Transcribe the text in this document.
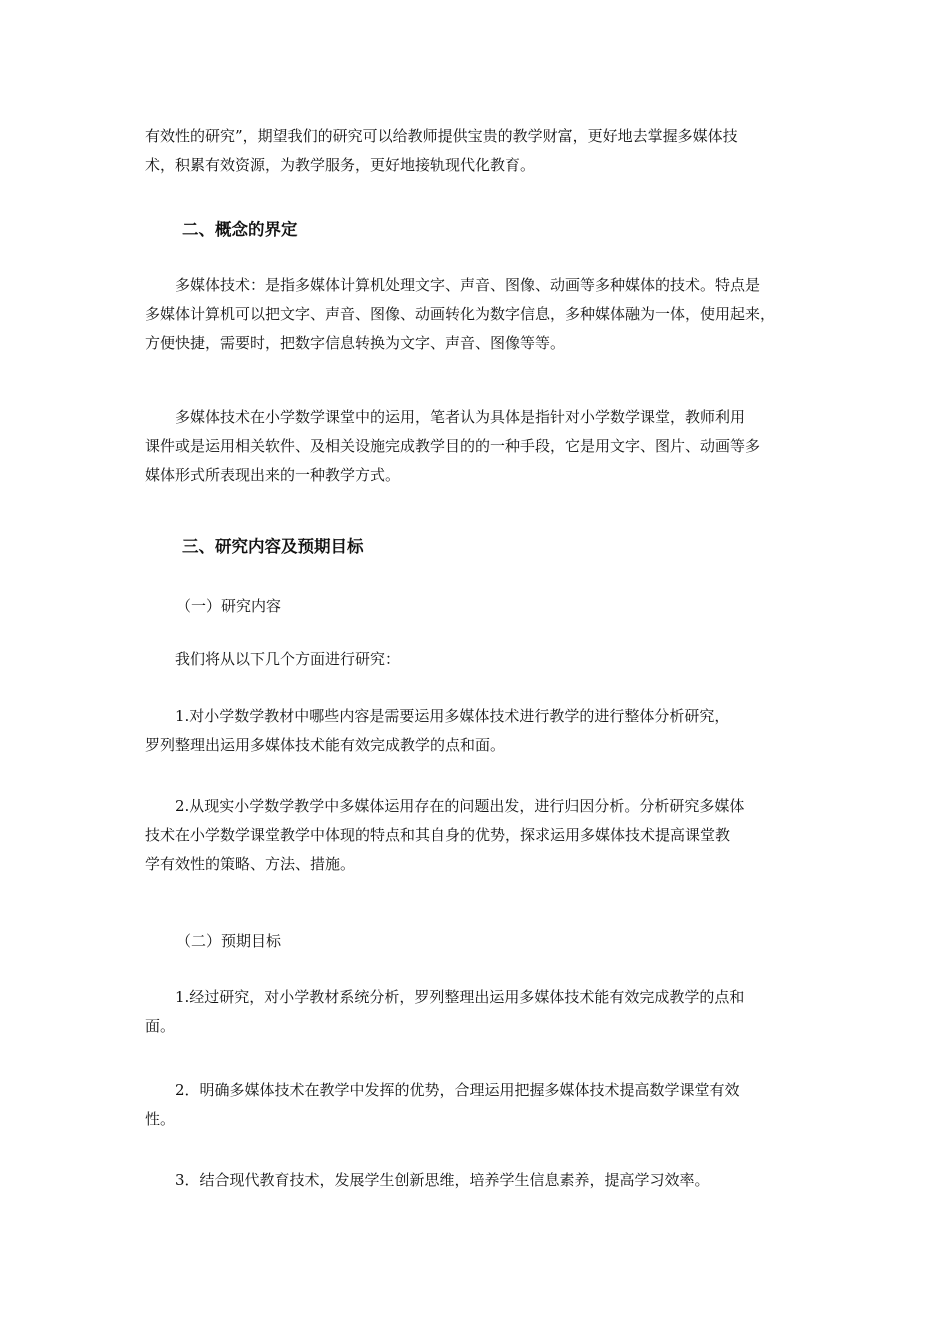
有效性的研究”，期望我们的研究可以给教师提供宝贵的教学财富，更好地去掌握多媒体技
术，积累有效资源，为教学服务，更好地接轨现代化教育。

二、概念的界定

多媒体技术：是指多媒体计算机处理文字、声音、图像、动画等多种媒体的技术。特点是
多媒体计算机可以把文字、声音、图像、动画转化为数字信息，多种媒体融为一体，使用起来，
方便快捷，需要时，把数字信息转换为文字、声音、图像等等。

多媒体技术在小学数学课堂中的运用，笔者认为具体是指针对小学数学课堂，教师利用
课件或是运用相关软件、及相关设施完成教学目的的一种手段，它是用文字、图片、动画等多
媒体形式所表现出来的一种教学方式。

三、研究内容及预期目标

（一）研究内容

我们将从以下几个方面进行研究：

1.对小学数学教材中哪些内容是需要运用多媒体技术进行教学的进行整体分析研究，
罗列整理出运用多媒体技术能有效完成教学的点和面。

2.从现实小学数学教学中多媒体运用存在的问题出发，进行归因分析。分析研究多媒体
技术在小学数学课堂教学中体现的特点和其自身的优势，探求运用多媒体技术提高课堂教
学有效性的策略、方法、措施。

（二）预期目标

1.经过研究，对小学教材系统分析，罗列整理出运用多媒体技术能有效完成教学的点和
面。

2．明确多媒体技术在教学中发挥的优势，合理运用把握多媒体技术提高数学课堂有效
性。

3．结合现代教育技术，发展学生创新思维，培养学生信息素养，提高学习效率。
